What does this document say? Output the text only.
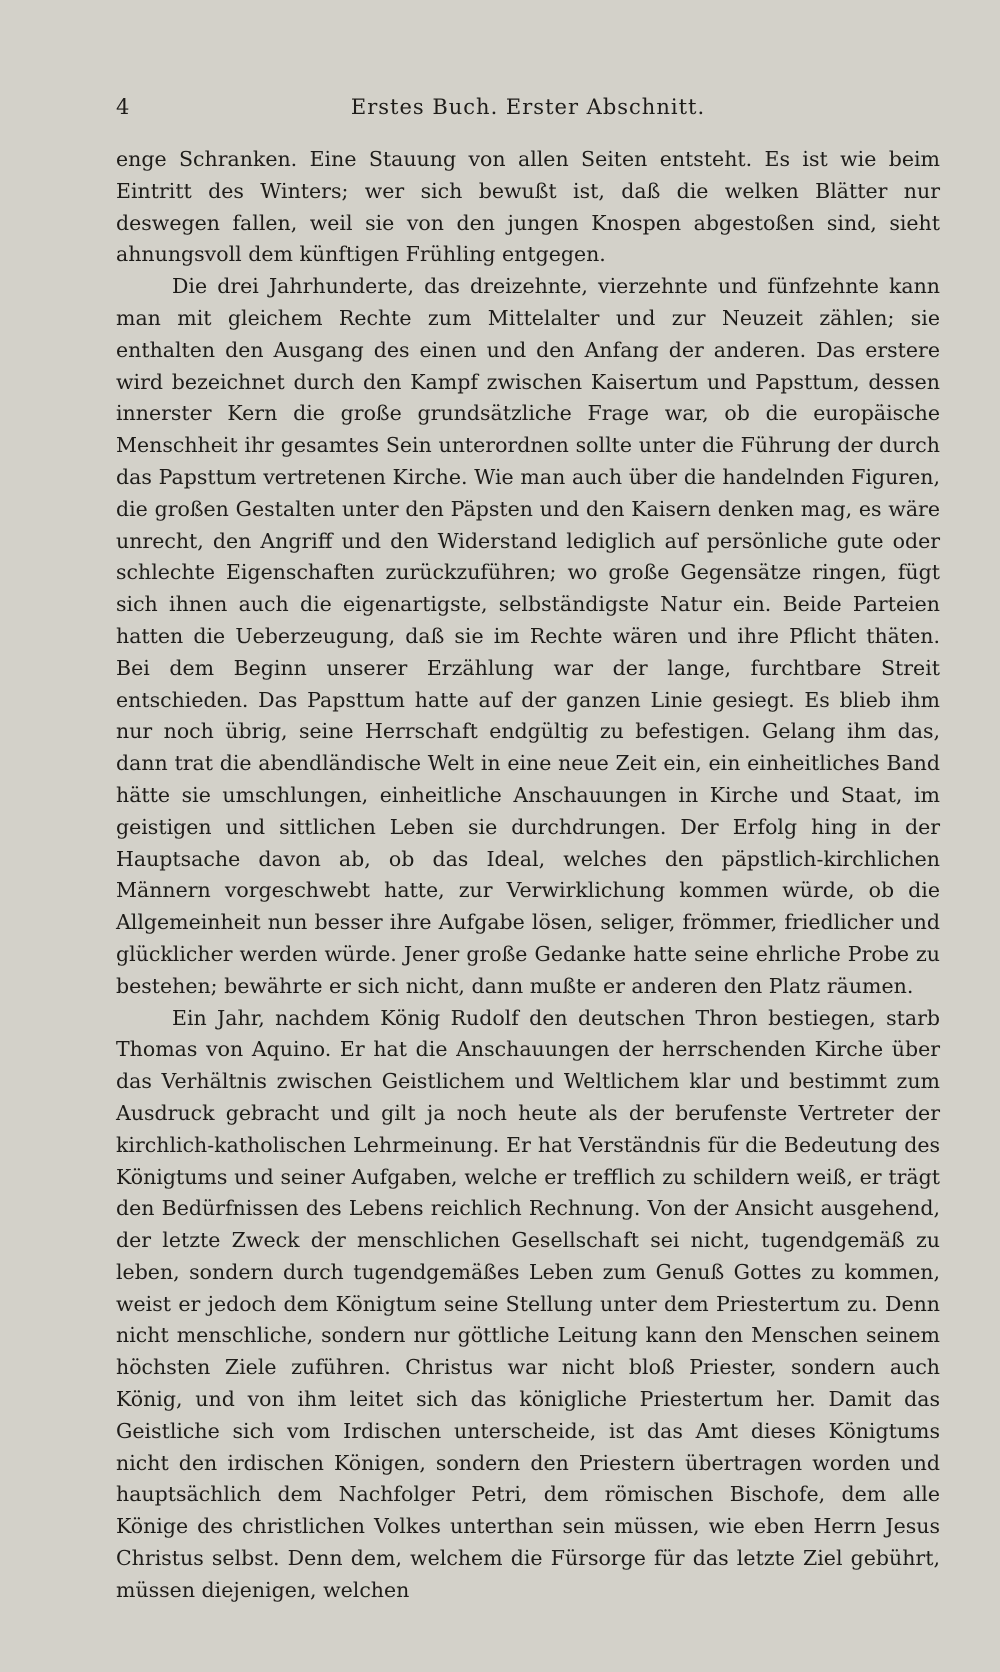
4	Erstes Buch. Erster Abschnitt.

enge Schranken. Eine Stauung von allen Seiten entsteht. Es ist wie beim Eintritt des Winters; wer sich bewußt ist, daß die welken Blätter nur deswegen fallen, weil sie von den jungen Knospen abgestoßen sind, sieht ahnungsvoll dem künftigen Frühling entgegen.

Die drei Jahrhunderte, das dreizehnte, vierzehnte und fünfzehnte kann man mit gleichem Rechte zum Mittelalter und zur Neuzeit zählen; sie enthalten den Ausgang des einen und den Anfang der anderen. Das erstere wird bezeichnet durch den Kampf zwischen Kaisertum und Papsttum, dessen innerster Kern die große grundsätzliche Frage war, ob die europäische Menschheit ihr gesamtes Sein unterordnen sollte unter die Führung der durch das Papsttum vertretenen Kirche. Wie man auch über die handelnden Figuren, die großen Gestalten unter den Päpsten und den Kaisern denken mag, es wäre unrecht, den Angriff und den Widerstand lediglich auf persönliche gute oder schlechte Eigenschaften zurückzuführen; wo große Gegensätze ringen, fügt sich ihnen auch die eigenartigste, selbständigste Natur ein. Beide Parteien hatten die Ueberzeugung, daß sie im Rechte wären und ihre Pflicht thäten. Bei dem Beginn unserer Erzählung war der lange, furchtbare Streit entschieden. Das Papsttum hatte auf der ganzen Linie gesiegt. Es blieb ihm nur noch übrig, seine Herrschaft endgültig zu befestigen. Gelang ihm das, dann trat die abendländische Welt in eine neue Zeit ein, ein einheitliches Band hätte sie umschlungen, einheitliche Anschauungen in Kirche und Staat, im geistigen und sittlichen Leben sie durchdrungen. Der Erfolg hing in der Hauptsache davon ab, ob das Ideal, welches den päpstlich-kirchlichen Männern vorgeschwebt hatte, zur Verwirklichung kommen würde, ob die Allgemeinheit nun besser ihre Aufgabe lösen, seliger, frömmer, friedlicher und glücklicher werden würde. Jener große Gedanke hatte seine ehrliche Probe zu bestehen; bewährte er sich nicht, dann mußte er anderen den Platz räumen.

Ein Jahr, nachdem König Rudolf den deutschen Thron bestiegen, starb Thomas von Aquino. Er hat die Anschauungen der herrschenden Kirche über das Verhältnis zwischen Geistlichem und Weltlichem klar und bestimmt zum Ausdruck gebracht und gilt ja noch heute als der berufenste Vertreter der kirchlich-katholischen Lehrmeinung. Er hat Verständnis für die Bedeutung des Königtums und seiner Aufgaben, welche er trefflich zu schildern weiß, er trägt den Bedürfnissen des Lebens reichlich Rechnung. Von der Ansicht ausgehend, der letzte Zweck der menschlichen Gesellschaft sei nicht, tugendgemäß zu leben, sondern durch tugendgemäßes Leben zum Genuß Gottes zu kommen, weist er jedoch dem Königtum seine Stellung unter dem Priestertum zu. Denn nicht menschliche, sondern nur göttliche Leitung kann den Menschen seinem höchsten Ziele zuführen. Christus war nicht bloß Priester, sondern auch König, und von ihm leitet sich das königliche Priestertum her. Damit das Geistliche sich vom Irdischen unterscheide, ist das Amt dieses Königtums nicht den irdischen Königen, sondern den Priestern übertragen worden und hauptsächlich dem Nachfolger Petri, dem römischen Bischofe, dem alle Könige des christlichen Volkes unterthan sein müssen, wie eben Herrn Jesus Christus selbst. Denn dem, welchem die Fürsorge für das letzte Ziel gebührt, müssen diejenigen, welchen
